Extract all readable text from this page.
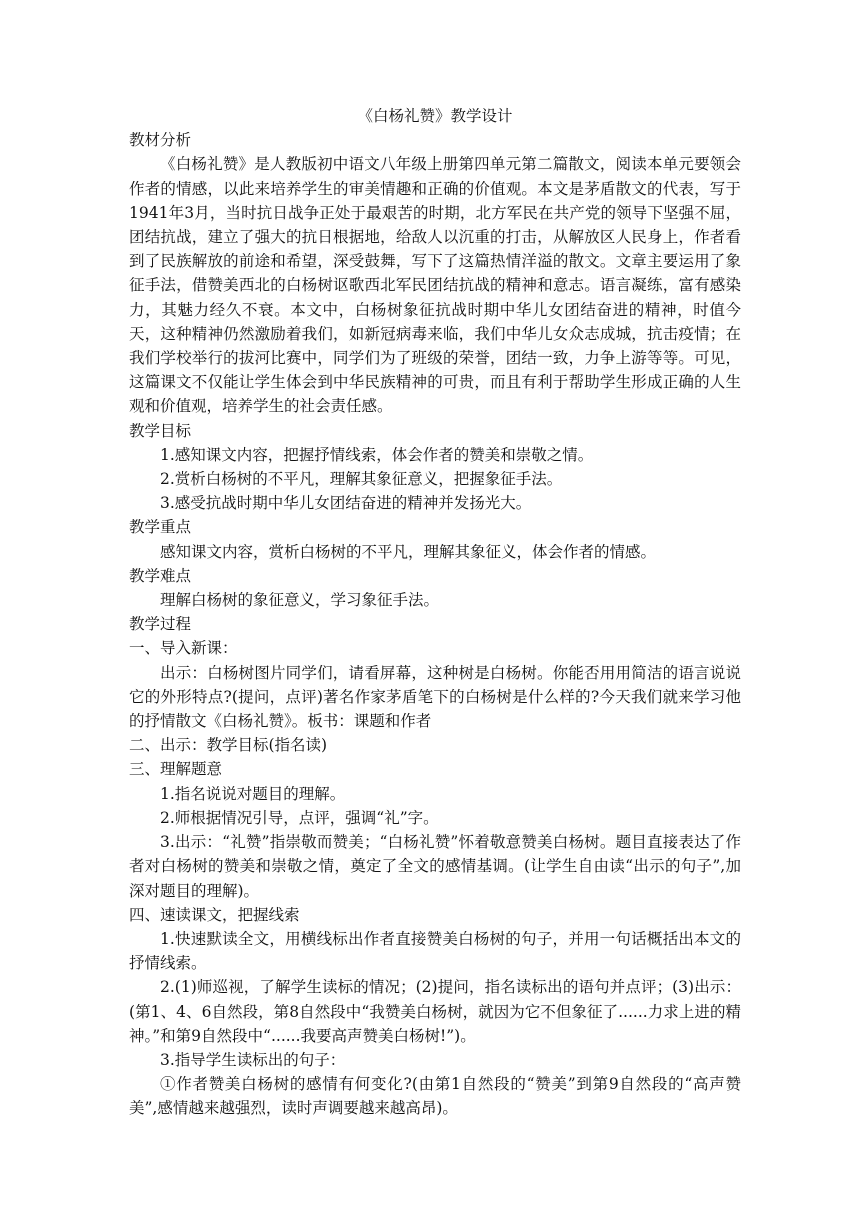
《白杨礼赞》教学设计

教材分析

《白杨礼赞》是人教版初中语文八年级上册第四单元第二篇散文，阅读本单元要领会作者的情感，以此来培养学生的审美情趣和正确的价值观。本文是茅盾散文的代表，写于1941年3月，当时抗日战争正处于最艰苦的时期，北方军民在共产党的领导下坚强不屈，团结抗战，建立了强大的抗日根据地，给敌人以沉重的打击，从解放区人民身上，作者看到了民族解放的前途和希望，深受鼓舞，写下了这篇热情洋溢的散文。文章主要运用了象征手法，借赞美西北的白杨树讴歌西北军民团结抗战的精神和意志。语言凝练，富有感染力，其魅力经久不衰。本文中，白杨树象征抗战时期中华儿女团结奋进的精神，时值今天，这种精神仍然激励着我们，如新冠病毒来临，我们中华儿女众志成城，抗击疫情；在我们学校举行的拔河比赛中，同学们为了班级的荣誉，团结一致，力争上游等等。可见，这篇课文不仅能让学生体会到中华民族精神的可贵，而且有利于帮助学生形成正确的人生观和价值观，培养学生的社会责任感。

教学目标

1.感知课文内容，把握抒情线索，体会作者的赞美和崇敬之情。

2.赏析白杨树的不平凡，理解其象征意义，把握象征手法。

3.感受抗战时期中华儿女团结奋进的精神并发扬光大。

教学重点

感知课文内容，赏析白杨树的不平凡，理解其象征义，体会作者的情感。

教学难点

理解白杨树的象征意义，学习象征手法。

教学过程

一、导入新课：

出示：白杨树图片同学们，请看屏幕，这种树是白杨树。你能否用用简洁的语言说说它的外形特点?(提问，点评)著名作家茅盾笔下的白杨树是什么样的?今天我们就来学习他的抒情散文《白杨礼赞》。板书：课题和作者

二、出示：教学目标(指名读)

三、理解题意

1.指名说说对题目的理解。

2.师根据情况引导，点评，强调“礼”字。

3.出示：“礼赞”指崇敬而赞美；“白杨礼赞”怀着敬意赞美白杨树。题目直接表达了作者对白杨树的赞美和崇敬之情，奠定了全文的感情基调。(让学生自由读“出示的句子”,加深对题目的理解)。

四、速读课文，把握线索

1.快速默读全文，用横线标出作者直接赞美白杨树的句子，并用一句话概括出本文的抒情线索。

2.(1)师巡视，了解学生读标的情况；(2)提问，指名读标出的语句并点评；(3)出示：(第1、4、6自然段，第8自然段中“我赞美白杨树，就因为它不但象征了......力求上进的精神。”和第9自然段中“......我要高声赞美白杨树!”)。

3.指导学生读标出的句子：

①作者赞美白杨树的感情有何变化?(由第1自然段的“赞美”到第9自然段的“高声赞美”,感情越来越强烈，读时声调要越来越高昂)。
